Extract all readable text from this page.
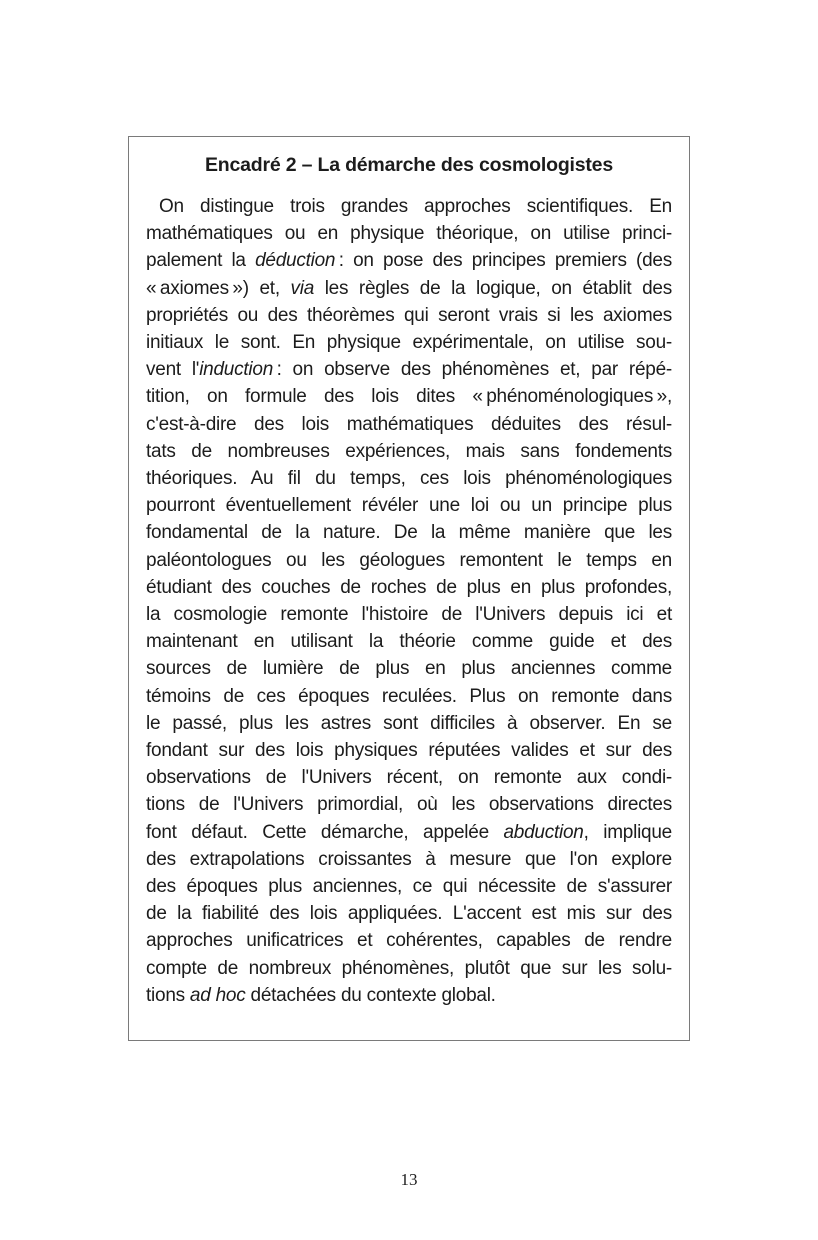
Encadré 2 – La démarche des cosmologistes
On distingue trois grandes approches scientifiques. En
mathématiques ou en physique théorique, on utilise princi-
palement la déduction : on pose des principes premiers (des
« axiomes ») et, via les règles de la logique, on établit des
propriétés ou des théorèmes qui seront vrais si les axiomes
initiaux le sont. En physique expérimentale, on utilise sou-
vent l'induction : on observe des phénomènes et, par répé-
tition, on formule des lois dites « phénoménologiques »,
c'est-à-dire des lois mathématiques déduites des résul-
tats de nombreuses expériences, mais sans fondements
théoriques. Au fil du temps, ces lois phénoménologiques
pourront éventuellement révéler une loi ou un principe plus
fondamental de la nature. De la même manière que les
paléontologues ou les géologues remontent le temps en
étudiant des couches de roches de plus en plus profondes,
la cosmologie remonte l'histoire de l'Univers depuis ici et
maintenant en utilisant la théorie comme guide et des
sources de lumière de plus en plus anciennes comme
témoins de ces époques reculées. Plus on remonte dans
le passé, plus les astres sont difficiles à observer. En se
fondant sur des lois physiques réputées valides et sur des
observations de l'Univers récent, on remonte aux condi-
tions de l'Univers primordial, où les observations directes
font défaut. Cette démarche, appelée abduction, implique
des extrapolations croissantes à mesure que l'on explore
des époques plus anciennes, ce qui nécessite de s'assurer
de la fiabilité des lois appliquées. L'accent est mis sur des
approches unificatrices et cohérentes, capables de rendre
compte de nombreux phénomènes, plutôt que sur les solu-
tions ad hoc détachées du contexte global.
13
